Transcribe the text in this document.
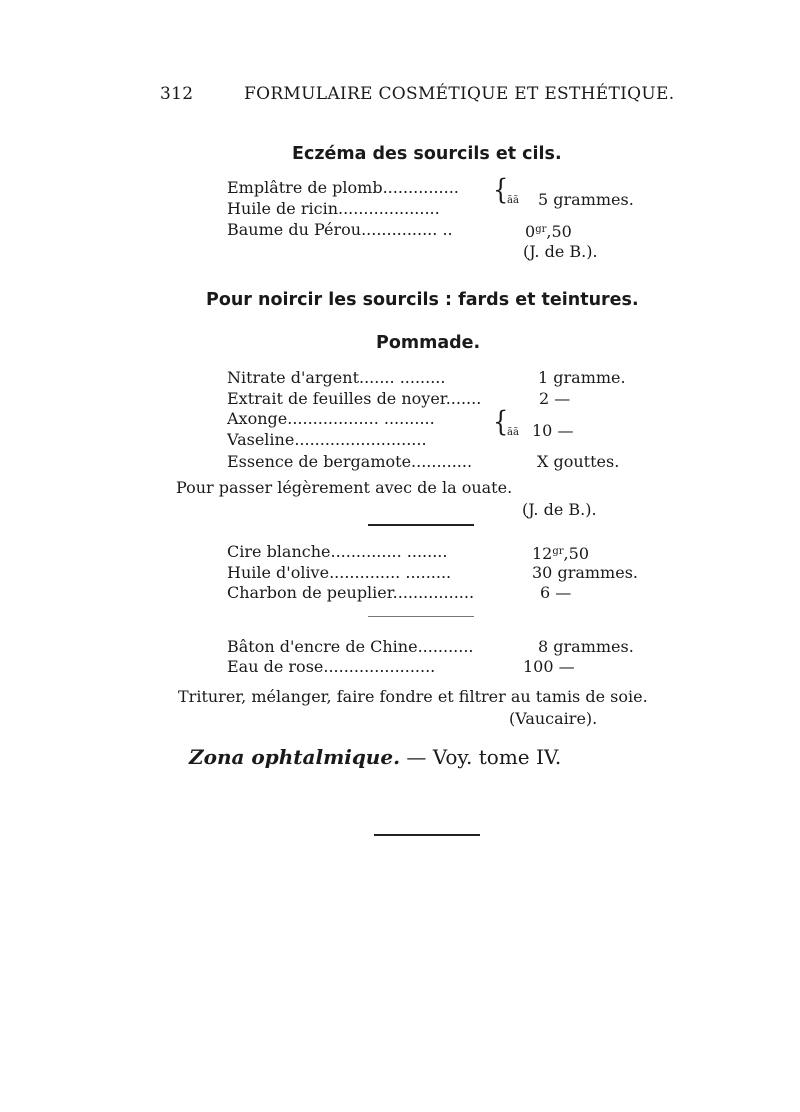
312	FORMULAIRE COSMÉTIQUE ET ESTHÉTIQUE.
Eczéma des sourcils et cils.
Emplâtre de plomb...............
Huile de ricin....................
{
ãã 5 grammes.
Baume du Pérou............... ..	$0^{gr},50$
(J. de B.).
Pour noircir les sourcils : fards et teintures.
Pommade.
Nitrate d'argent....... .........	1 gramme.
Extrait de feuilles de noyer.......	2 —
Axonge.................. ..........
Vaseline..........................
{
ãã 10 —
Essence de bergamote............	X gouttes.
Pour passer légèrement avec de la ouate.
(J. de B.).
Cire blanche.............. ........	$12^{gr},50$
Huile d'olive.............. .........	30 grammes.
Charbon de peuplier................	6 —
Bâton d'encre de Chine...........	8 grammes.
Eau de rose......................	100 —
Triturer, mélanger, faire fondre et filtrer au tamis de soie.
(Vaucaire).
Zona ophtalmique. — Voy. tome IV.
